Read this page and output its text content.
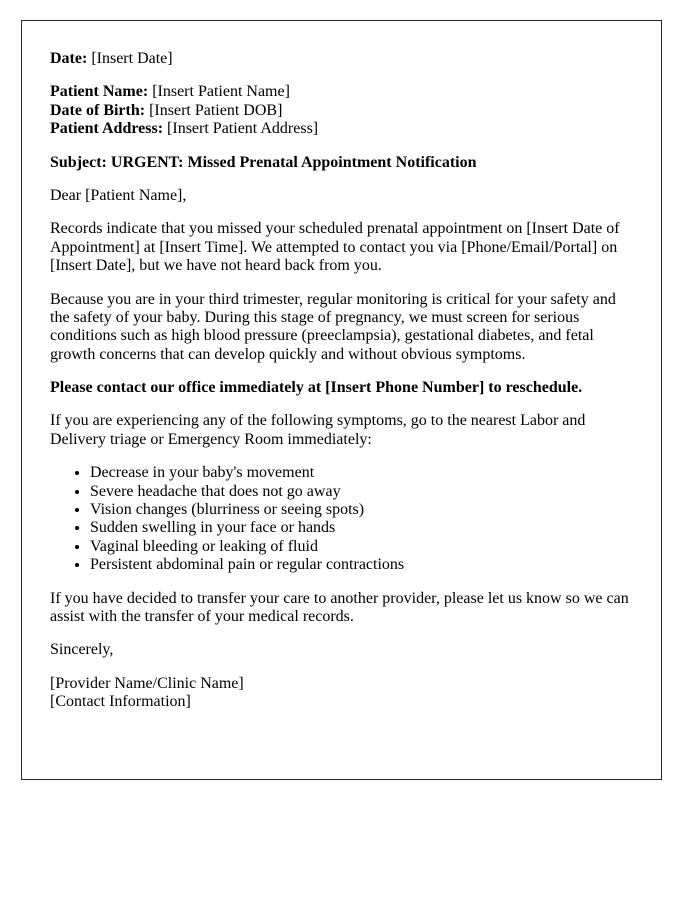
Date: [Insert Date]

Patient Name: [Insert Patient Name]
Date of Birth: [Insert Patient DOB]
Patient Address: [Insert Patient Address]

Subject: URGENT: Missed Prenatal Appointment Notification

Dear [Patient Name],

Records indicate that you missed your scheduled prenatal appointment on [Insert Date of Appointment] at [Insert Time]. We attempted to contact you via [Phone/Email/Portal] on [Insert Date], but we have not heard back from you.

Because you are in your third trimester, regular monitoring is critical for your safety and the safety of your baby. During this stage of pregnancy, we must screen for serious conditions such as high blood pressure (preeclampsia), gestational diabetes, and fetal growth concerns that can develop quickly and without obvious symptoms.

Please contact our office immediately at [Insert Phone Number] to reschedule.

If you are experiencing any of the following symptoms, go to the nearest Labor and Delivery triage or Emergency Room immediately:

• Decrease in your baby's movement
• Severe headache that does not go away
• Vision changes (blurriness or seeing spots)
• Sudden swelling in your face or hands
• Vaginal bleeding or leaking of fluid
• Persistent abdominal pain or regular contractions

If you have decided to transfer your care to another provider, please let us know so we can assist with the transfer of your medical records.

Sincerely,

[Provider Name/Clinic Name]
[Contact Information]
